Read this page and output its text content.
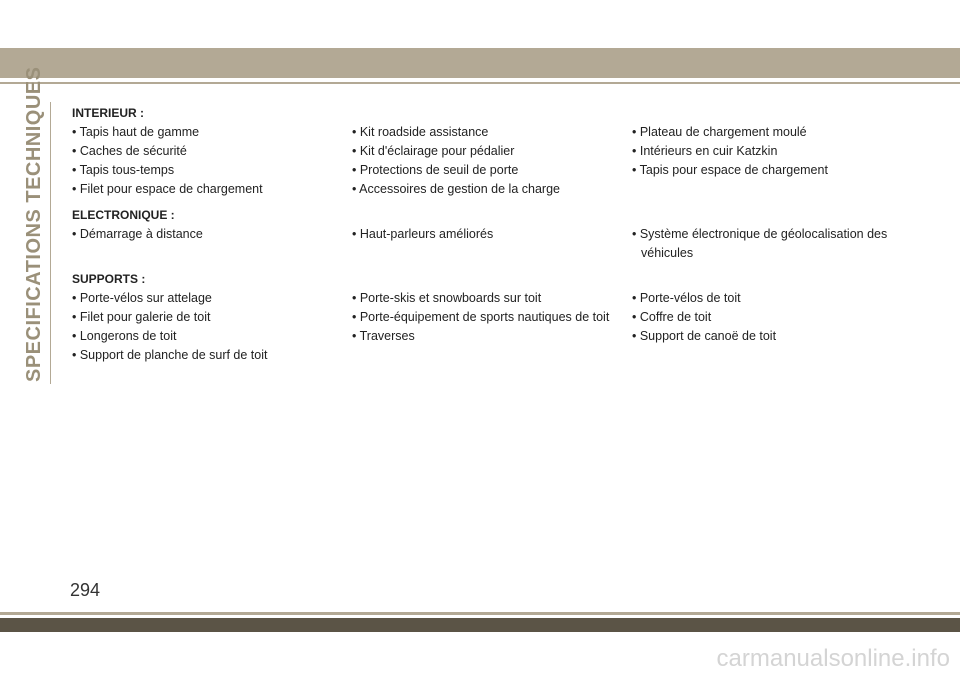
SPECIFICATIONS TECHNIQUES INTERIEUR :
• Tapis haut de gamme	• Kit roadside assistance	• Plateau de chargement moulé
• Caches de sécurité	• Kit d'éclairage pour pédalier	• Intérieurs en cuir Katzkin
• Tapis tous-temps	• Protections de seuil de porte	• Tapis pour espace de chargement
• Filet pour espace de chargement	• Accessoires de gestion de la charge
ELECTRONIQUE :
• Démarrage à distance	• Haut-parleurs améliorés	• Système électronique de géolocalisation des véhicules
SUPPORTS :
• Porte-vélos sur attelage	• Porte-skis et snowboards sur toit	• Porte-vélos de toit
• Filet pour galerie de toit	• Porte-équipement de sports nautiques de toit	• Coffre de toit
• Longerons de toit	• Traverses	• Support de canoë de toit
• Support de planche de surf de toit
294
carmanualsonline.info
